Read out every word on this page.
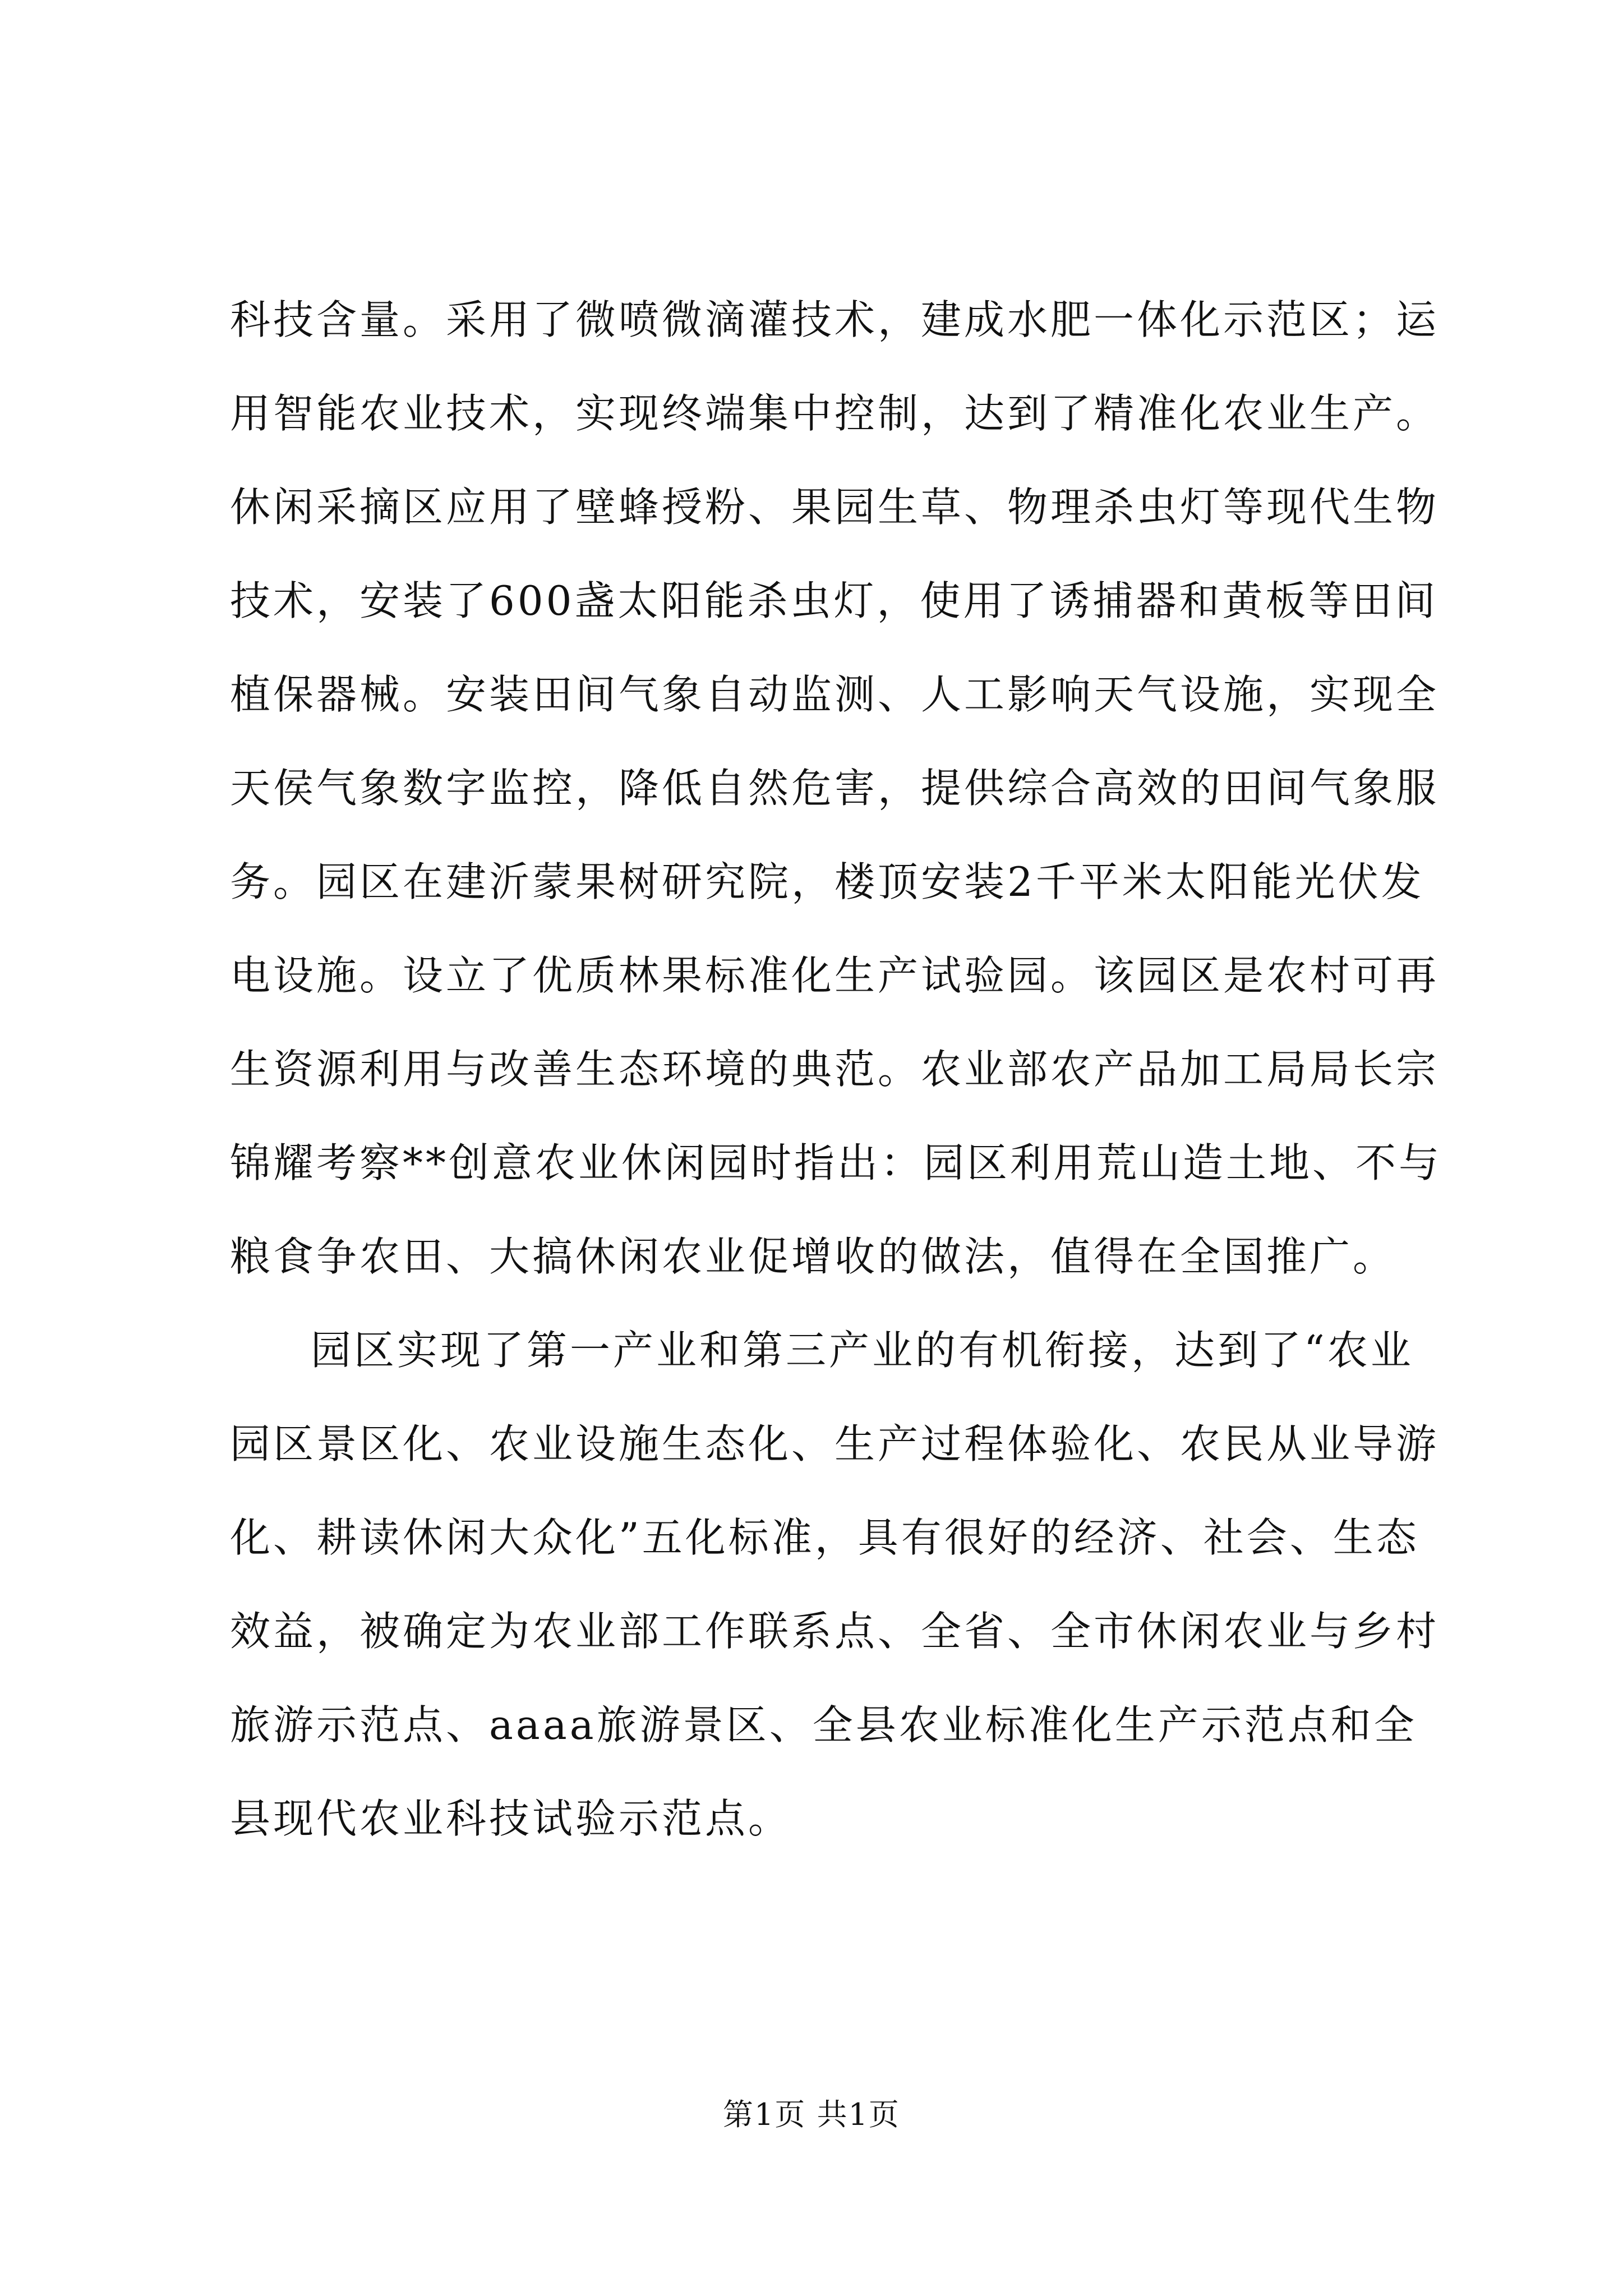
科技含量。采用了微喷微滴灌技术，建成水肥一体化示范区；运
用智能农业技术，实现终端集中控制，达到了精准化农业生产。
休闲采摘区应用了壁蜂授粉、果园生草、物理杀虫灯等现代生物
技术，安装了600盏太阳能杀虫灯，使用了诱捕器和黄板等田间
植保器械。安装田间气象自动监测、人工影响天气设施，实现全
天侯气象数字监控，降低自然危害，提供综合高效的田间气象服
务。园区在建沂蒙果树研究院，楼顶安装2千平米太阳能光伏发
电设施。设立了优质林果标准化生产试验园。该园区是农村可再
生资源利用与改善生态环境的典范。农业部农产品加工局局长宗
锦耀考察**创意农业休闲园时指出：园区利用荒山造土地、不与
粮食争农田、大搞休闲农业促增收的做法，值得在全国推广。
园区实现了第一产业和第三产业的有机衔接，达到了“农业
园区景区化、农业设施生态化、生产过程体验化、农民从业导游
化、耕读休闲大众化”五化标准，具有很好的经济、社会、生态
效益，被确定为农业部工作联系点、全省、全市休闲农业与乡村
旅游示范点、aaaa旅游景区、全县农业标准化生产示范点和全
县现代农业科技试验示范点。
第1页 共1页
